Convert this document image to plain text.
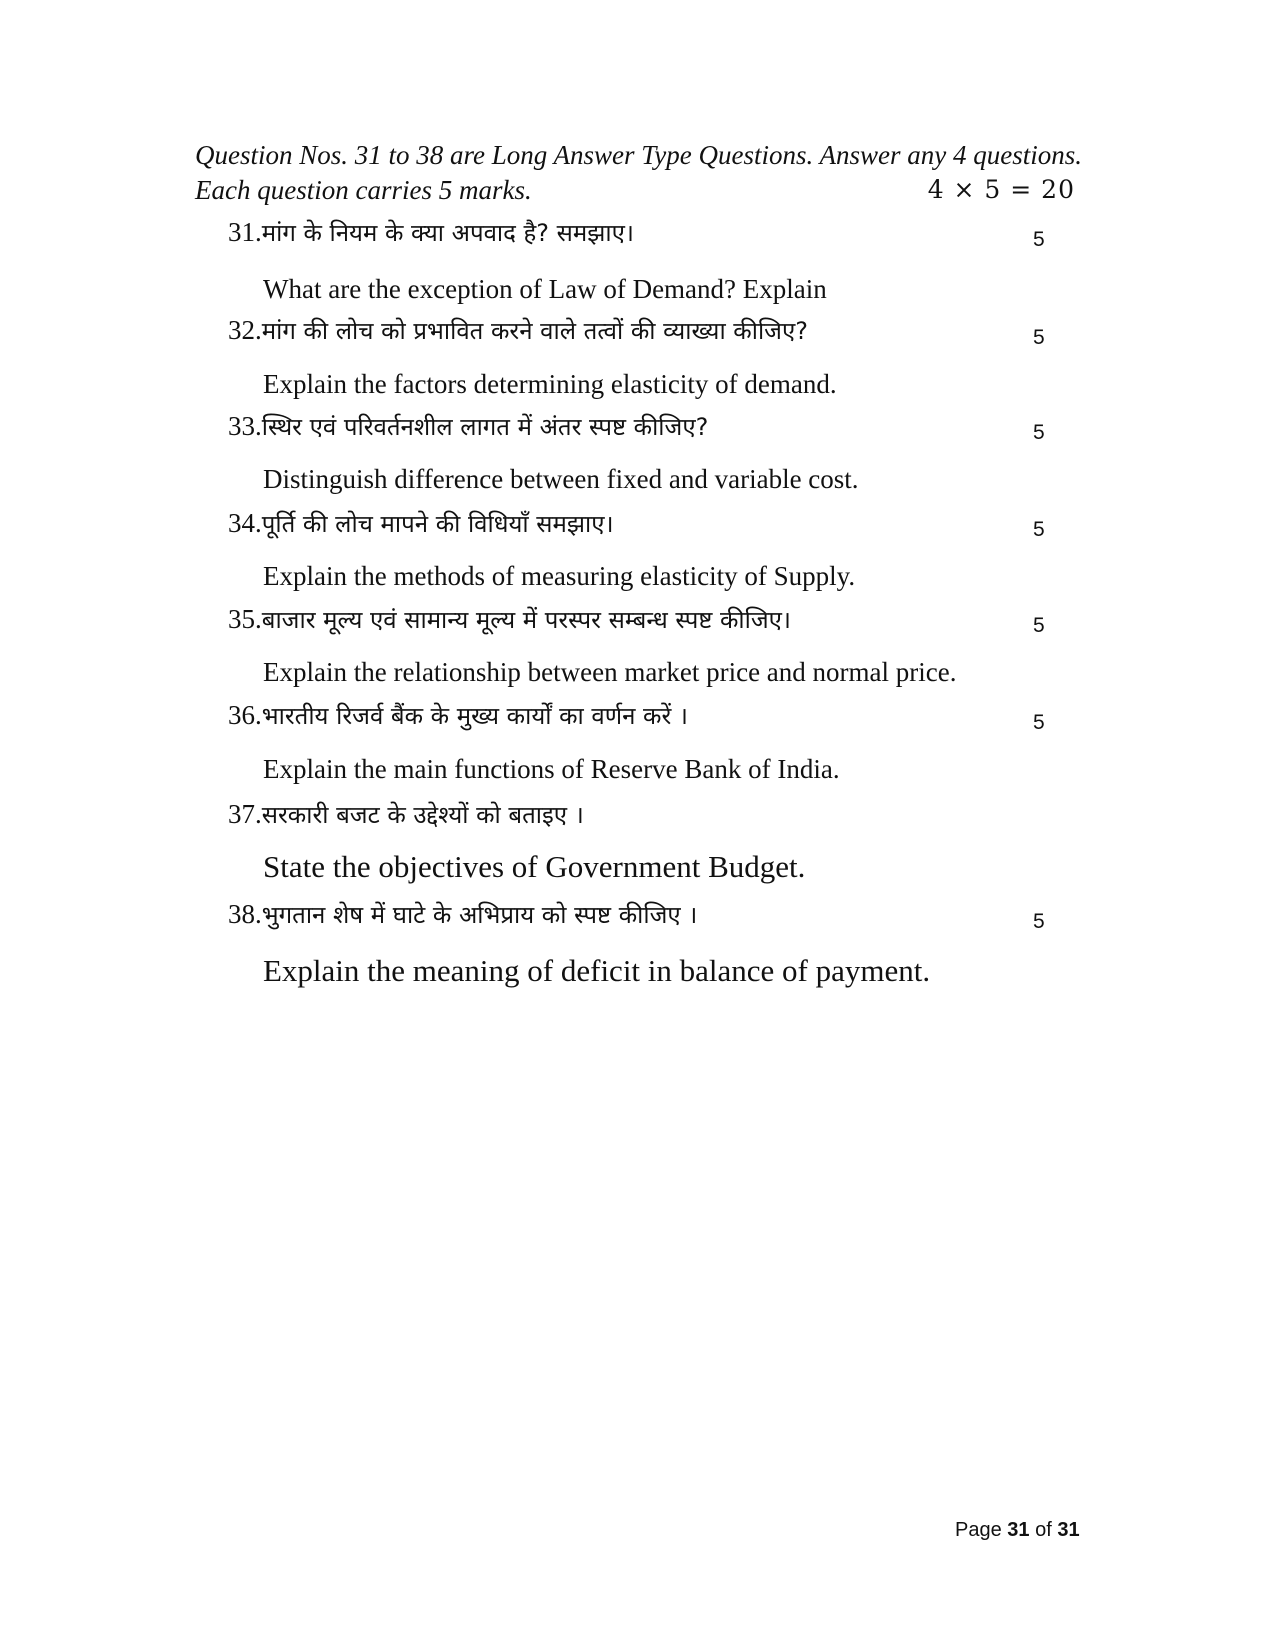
Question Nos. 31 to 38 are Long Answer Type Questions. Answer any 4 questions.
Each question carries 5 marks.	4 × 5 = 20
31.मांग के नियम के क्या अपवाद है? समझाए।	5
What are the exception of Law of Demand? Explain
32.मांग की लोच को प्रभावित करने वाले तत्वों की व्याख्या कीजिए?	5
Explain the factors determining elasticity of demand.
33.स्थिर एवं परिवर्तनशील लागत में अंतर स्पष्ट कीजिए?	5
Distinguish difference between fixed and variable cost.
34.पूर्ति की लोच मापने की विधियाँ समझाए।	5
Explain the methods of measuring elasticity of Supply.
35.बाजार मूल्य एवं सामान्य मूल्य में परस्पर सम्बन्ध स्पष्ट कीजिए।	5
Explain the relationship between market price and normal price.
36.भारतीय रिजर्व बैंक के मुख्य कार्यों का वर्णन करें ।	5
Explain the main functions of Reserve Bank of India.
37.सरकारी बजट के उद्देश्यों को बताइए ।
State the objectives of Government Budget.
38.भुगतान शेष में घाटे के अभिप्राय को स्पष्ट कीजिए ।	5
Explain the meaning of deficit in balance of payment.
Page 31 of 31
